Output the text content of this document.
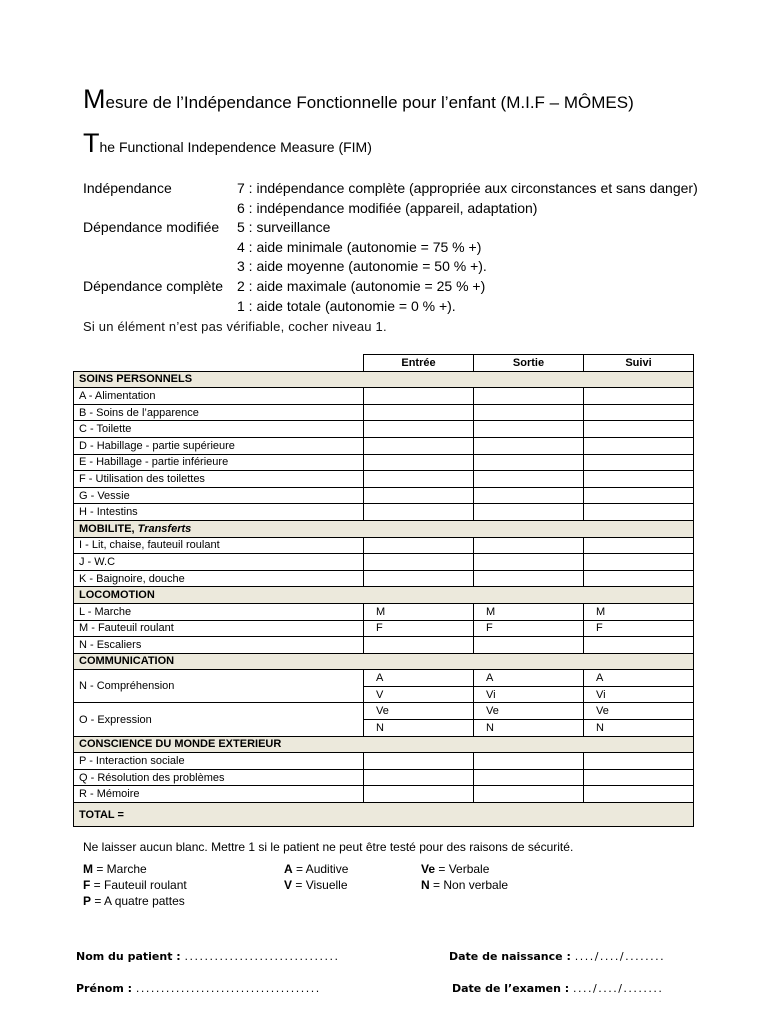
Mesure de l’Indépendance Fonctionnelle pour l’enfant (M.I.F – MÔMES)
The Functional Independence Measure (FIM)
Indépendance	7 : indépendance complète (appropriée aux circonstances et sans danger)
6 : indépendance modifiée (appareil, adaptation)
Dépendance modifiée 5 : surveillance
4 : aide minimale (autonomie = 75 % +)
3 : aide moyenne (autonomie = 50 % +).
Dépendance complète 2 : aide maximale (autonomie = 25 % +)
1 : aide totale (autonomie = 0 % +).
Si un élément n’est pas vérifiable, cocher niveau 1.
	Entrée	Sortie	Suivi
SOINS PERSONNELS			
A - Alimentation			
B - Soins de l’apparence			
C - Toilette			
D - Habillage - partie supérieure			
E - Habillage - partie inférieure			
F - Utilisation des toilettes			
G - Vessie			
H - Intestins			
MOBILITE, Transferts			
I - Lit, chaise, fauteuil roulant			
J - W.C			
K - Baignoire, douche			
LOCOMOTION			
L - Marche	M	M	M
M - Fauteuil roulant	F	F	F
N - Escaliers			
COMMUNICATION			
N - Compréhension	A	A	A
	V	Vi	Vi
O - Expression	Ve	Ve	Ve
	N	N	N
CONSCIENCE DU MONDE EXTERIEUR			
P - Interaction sociale			
Q - Résolution des problèmes			
R - Mémoire			
TOTAL =			
Ne laisser aucun blanc. Mettre 1 si le patient ne peut être testé pour des raisons de sécurité.
M = Marche
F = Fauteuil roulant
P = A quatre pattes
A = Auditive
V = Visuelle
Ve = Verbale
N = Non verbale
Nom du patient : ...............................	Date de naissance : ..../..../........
Prénom : .....................................	Date de l’examen : ..../..../........
